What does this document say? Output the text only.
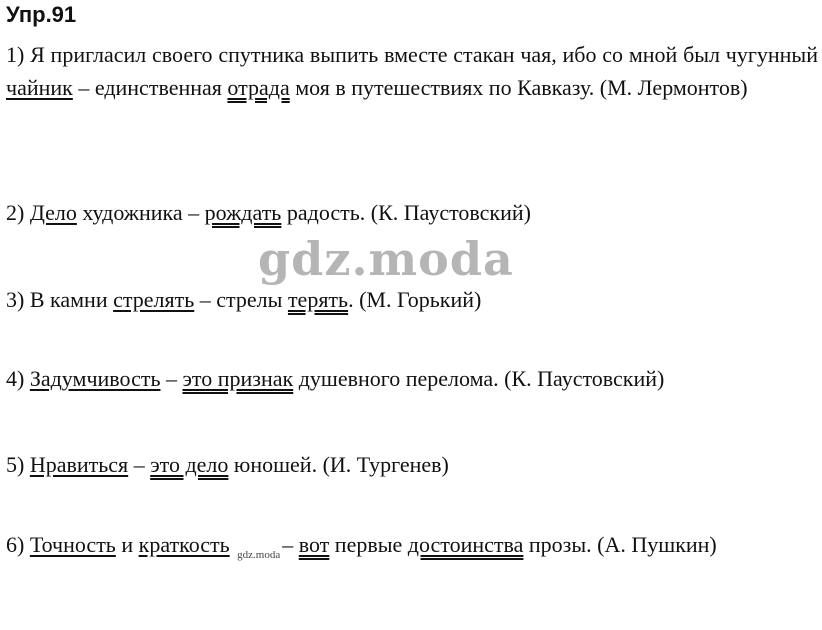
Упр.91

1) Я пригласил своего спутника выпить вместе стакан чая, ибо со мной был чугунный чайник – единственная отрада моя в путешествиях по Кавказу. (М. Лермонтов)

2) Дело художника – рождать радость. (К. Паустовский)

gdz.moda

3) В камни стрелять – стрелы терять. (М. Горький)

4) Задумчивость – это признак душевного перелома. (К. Паустовский)

5) Нравиться – это дело юношей. (И. Тургенев)

6) Точность и краткость gdz.moda– вот первые достоинства прозы. (А. Пушкин)
